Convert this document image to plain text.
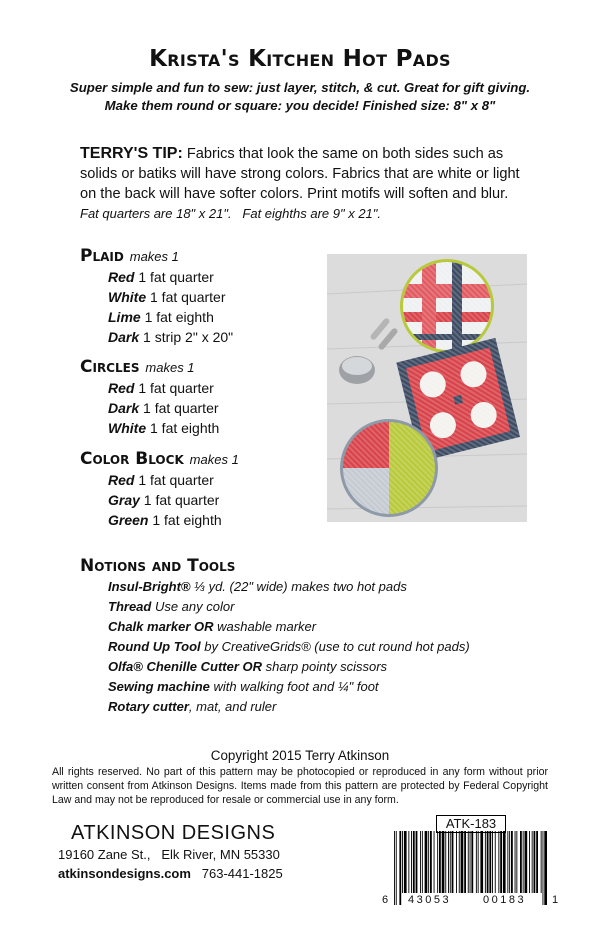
Krista's Kitchen Hot Pads
Super simple and fun to sew: just layer, stitch, & cut. Great for gift giving.
Make them round or square: you decide! Finished size: 8" x 8"
TERRY'S TIP: Fabrics that look the same on both sides such as solids or batiks will have strong colors. Fabrics that are white or light on the back will have softer colors. Print motifs will soften and blur.
Fat quarters are 18" x 21".   Fat eighths are 9" x 21".
Plaid makes 1
Red 1 fat quarter
White 1 fat quarter
Lime 1 fat eighth
Dark 1 strip 2" x 20"
Circles makes 1
Red 1 fat quarter
Dark 1 fat quarter
White 1 fat eighth
Color Block makes 1
Red 1 fat quarter
Gray 1 fat quarter
Green 1 fat eighth
Notions and Tools
Insul-Bright® ⅓ yd. (22" wide) makes two hot pads
Thread Use any color
Chalk marker OR washable marker
Round Up Tool by CreativeGrids® (use to cut round hot pads)
Olfa® Chenille Cutter OR sharp pointy scissors
Sewing machine with walking foot and ¼" foot
Rotary cutter, mat, and ruler
Copyright 2015 Terry Atkinson
All rights reserved. No part of this pattern may be photocopied or reproduced in any form without prior written consent from Atkinson Designs. Items made from this pattern are protected by Federal Copyright Law and may not be reproduced for resale or commercial use in any form.
ATKINSON DESIGNS
19160 Zane St.,   Elk River, MN 55330
atkinsondesigns.com   763-441-1825
ATK-183
6 43053	00183 1
